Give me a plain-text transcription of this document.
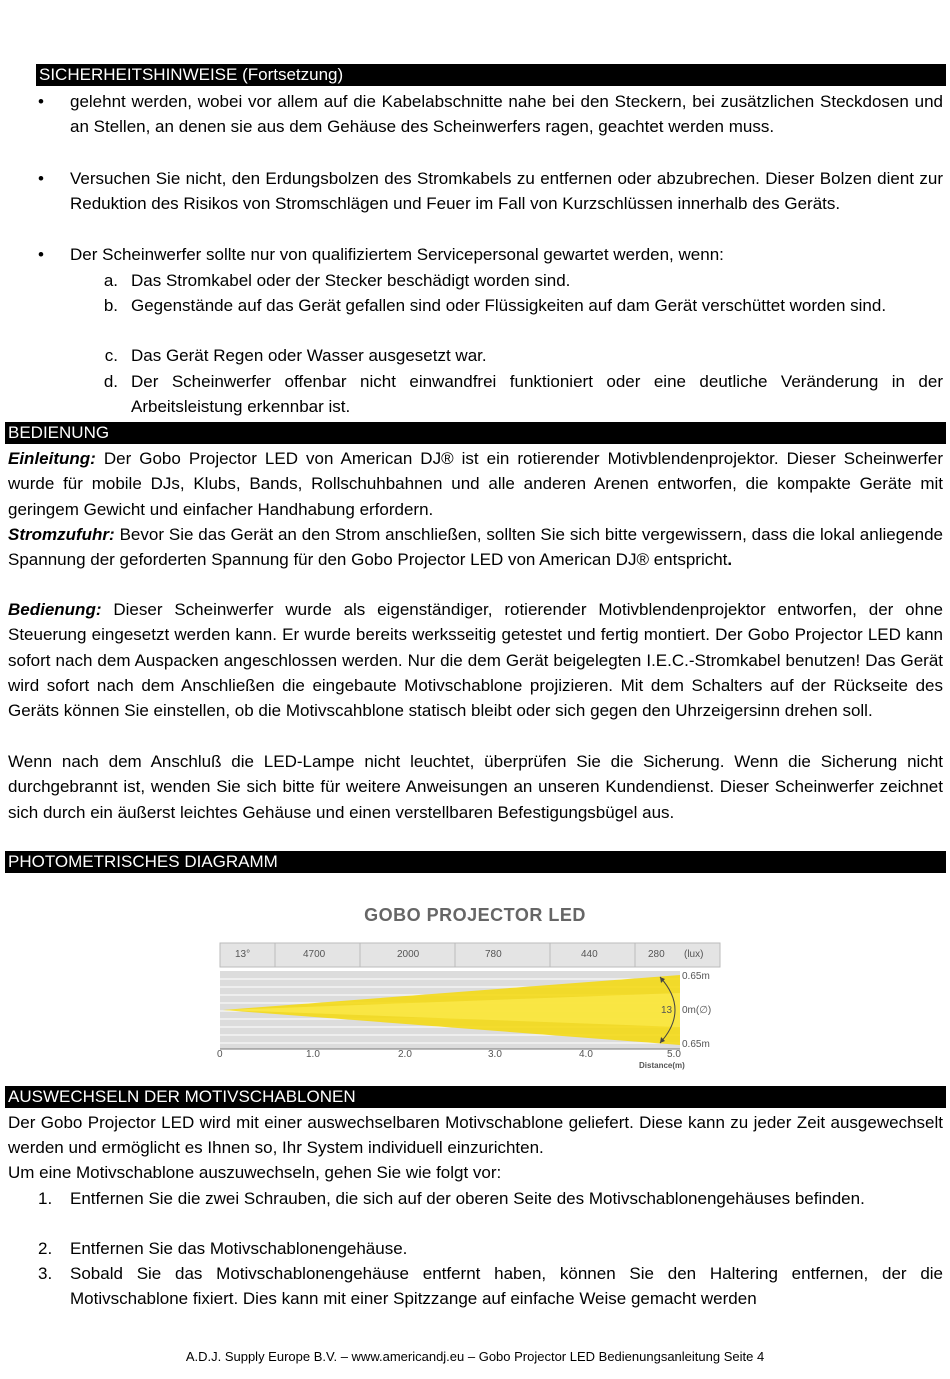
SICHERHEITSHINWEISE (Fortsetzung)
•	gelehnt werden, wobei vor allem auf die Kabelabschnitte nahe bei den Steckern, bei zusätzlichen Steckdosen und an Stellen, an denen sie aus dem Gehäuse des Scheinwerfers ragen, geachtet werden muss.
•	Versuchen Sie nicht, den Erdungsbolzen des Stromkabels zu entfernen oder abzubrechen. Dieser Bolzen dient zur Reduktion des Risikos von Stromschlägen und Feuer im Fall von Kurzschlüssen innerhalb des Geräts.
•	Der Scheinwerfer sollte nur von qualifiziertem Servicepersonal gewartet werden, wenn:
a. Das Stromkabel oder der Stecker beschädigt worden sind.
b. Gegenstände auf das Gerät gefallen sind oder Flüssigkeiten auf dam Gerät verschüttet worden sind.
c. Das Gerät Regen oder Wasser ausgesetzt war.
d. Der Scheinwerfer offenbar nicht einwandfrei funktioniert oder eine deutliche Veränderung in der Arbeitsleistung erkennbar ist.
BEDIENUNG
Einleitung: Der Gobo Projector LED von American DJ® ist ein rotierender Motivblendenprojektor. Dieser Scheinwerfer wurde für mobile DJs, Klubs, Bands, Rollschuhbahnen und alle anderen Arenen entworfen, die kompakte Geräte mit geringem Gewicht und einfacher Handhabung erfordern.
Stromzufuhr: Bevor Sie das Gerät an den Strom anschließen, sollten Sie sich bitte vergewissern, dass die lokal anliegende Spannung der geforderten Spannung für den Gobo Projector LED von American DJ® entspricht.
Bedienung: Dieser Scheinwerfer wurde als eigenständiger, rotierender Motivblendenprojektor entworfen, der ohne Steuerung eingesetzt werden kann. Er wurde bereits werksseitig getestet und fertig montiert. Der Gobo Projector LED kann sofort nach dem Auspacken angeschlossen werden. Nur die dem Gerät beigelegten I.E.C.-Stromkabel benutzen! Das Gerät wird sofort nach dem Anschließen die eingebaute Motivschablone projizieren. Mit dem Schalters auf der Rückseite des Geräts können Sie einstellen, ob die Motivscahblone statisch bleibt oder sich gegen den Uhrzeigersinn drehen soll.
Wenn nach dem Anschluß die LED-Lampe nicht leuchtet, überprüfen Sie die Sicherung. Wenn die Sicherung nicht durchgebrannt ist, wenden Sie sich bitte für weitere Anweisungen an unseren Kundendienst. Dieser Scheinwerfer zeichnet sich durch ein äußerst leichtes Gehäuse und einen verstellbaren Befestigungsbügel aus.
PHOTOMETRISCHES DIAGRAMM
GOBO PROJECTOR LED
13°	4700	2000	780	440	280 (lux)
0.65m
0m(∅)
0.65m
13
0	1.0	2.0	3.0	4.0	5.0
Distance(m)
AUSWECHSELN DER MOTIVSCHABLONEN
Der Gobo Projector LED wird mit einer auswechselbaren Motivschablone geliefert. Diese kann zu jeder Zeit ausgewechselt werden und ermöglicht es Ihnen so, Ihr System individuell einzurichten.
Um eine Motivschablone auszuwechseln, gehen Sie wie folgt vor:
1. Entfernen Sie die zwei Schrauben, die sich auf der oberen Seite des Motivschablonengehäuses befinden.
2. Entfernen Sie das Motivschablonengehäuse.
3. Sobald Sie das Motivschablonengehäuse entfernt haben, können Sie den Haltering entfernen, der die Motivschablone fixiert. Dies kann mit einer Spitzzange auf einfache Weise gemacht werden
A.D.J. Supply Europe B.V. – www.americandj.eu – Gobo Projector LED Bedienungsanleitung Seite 4
